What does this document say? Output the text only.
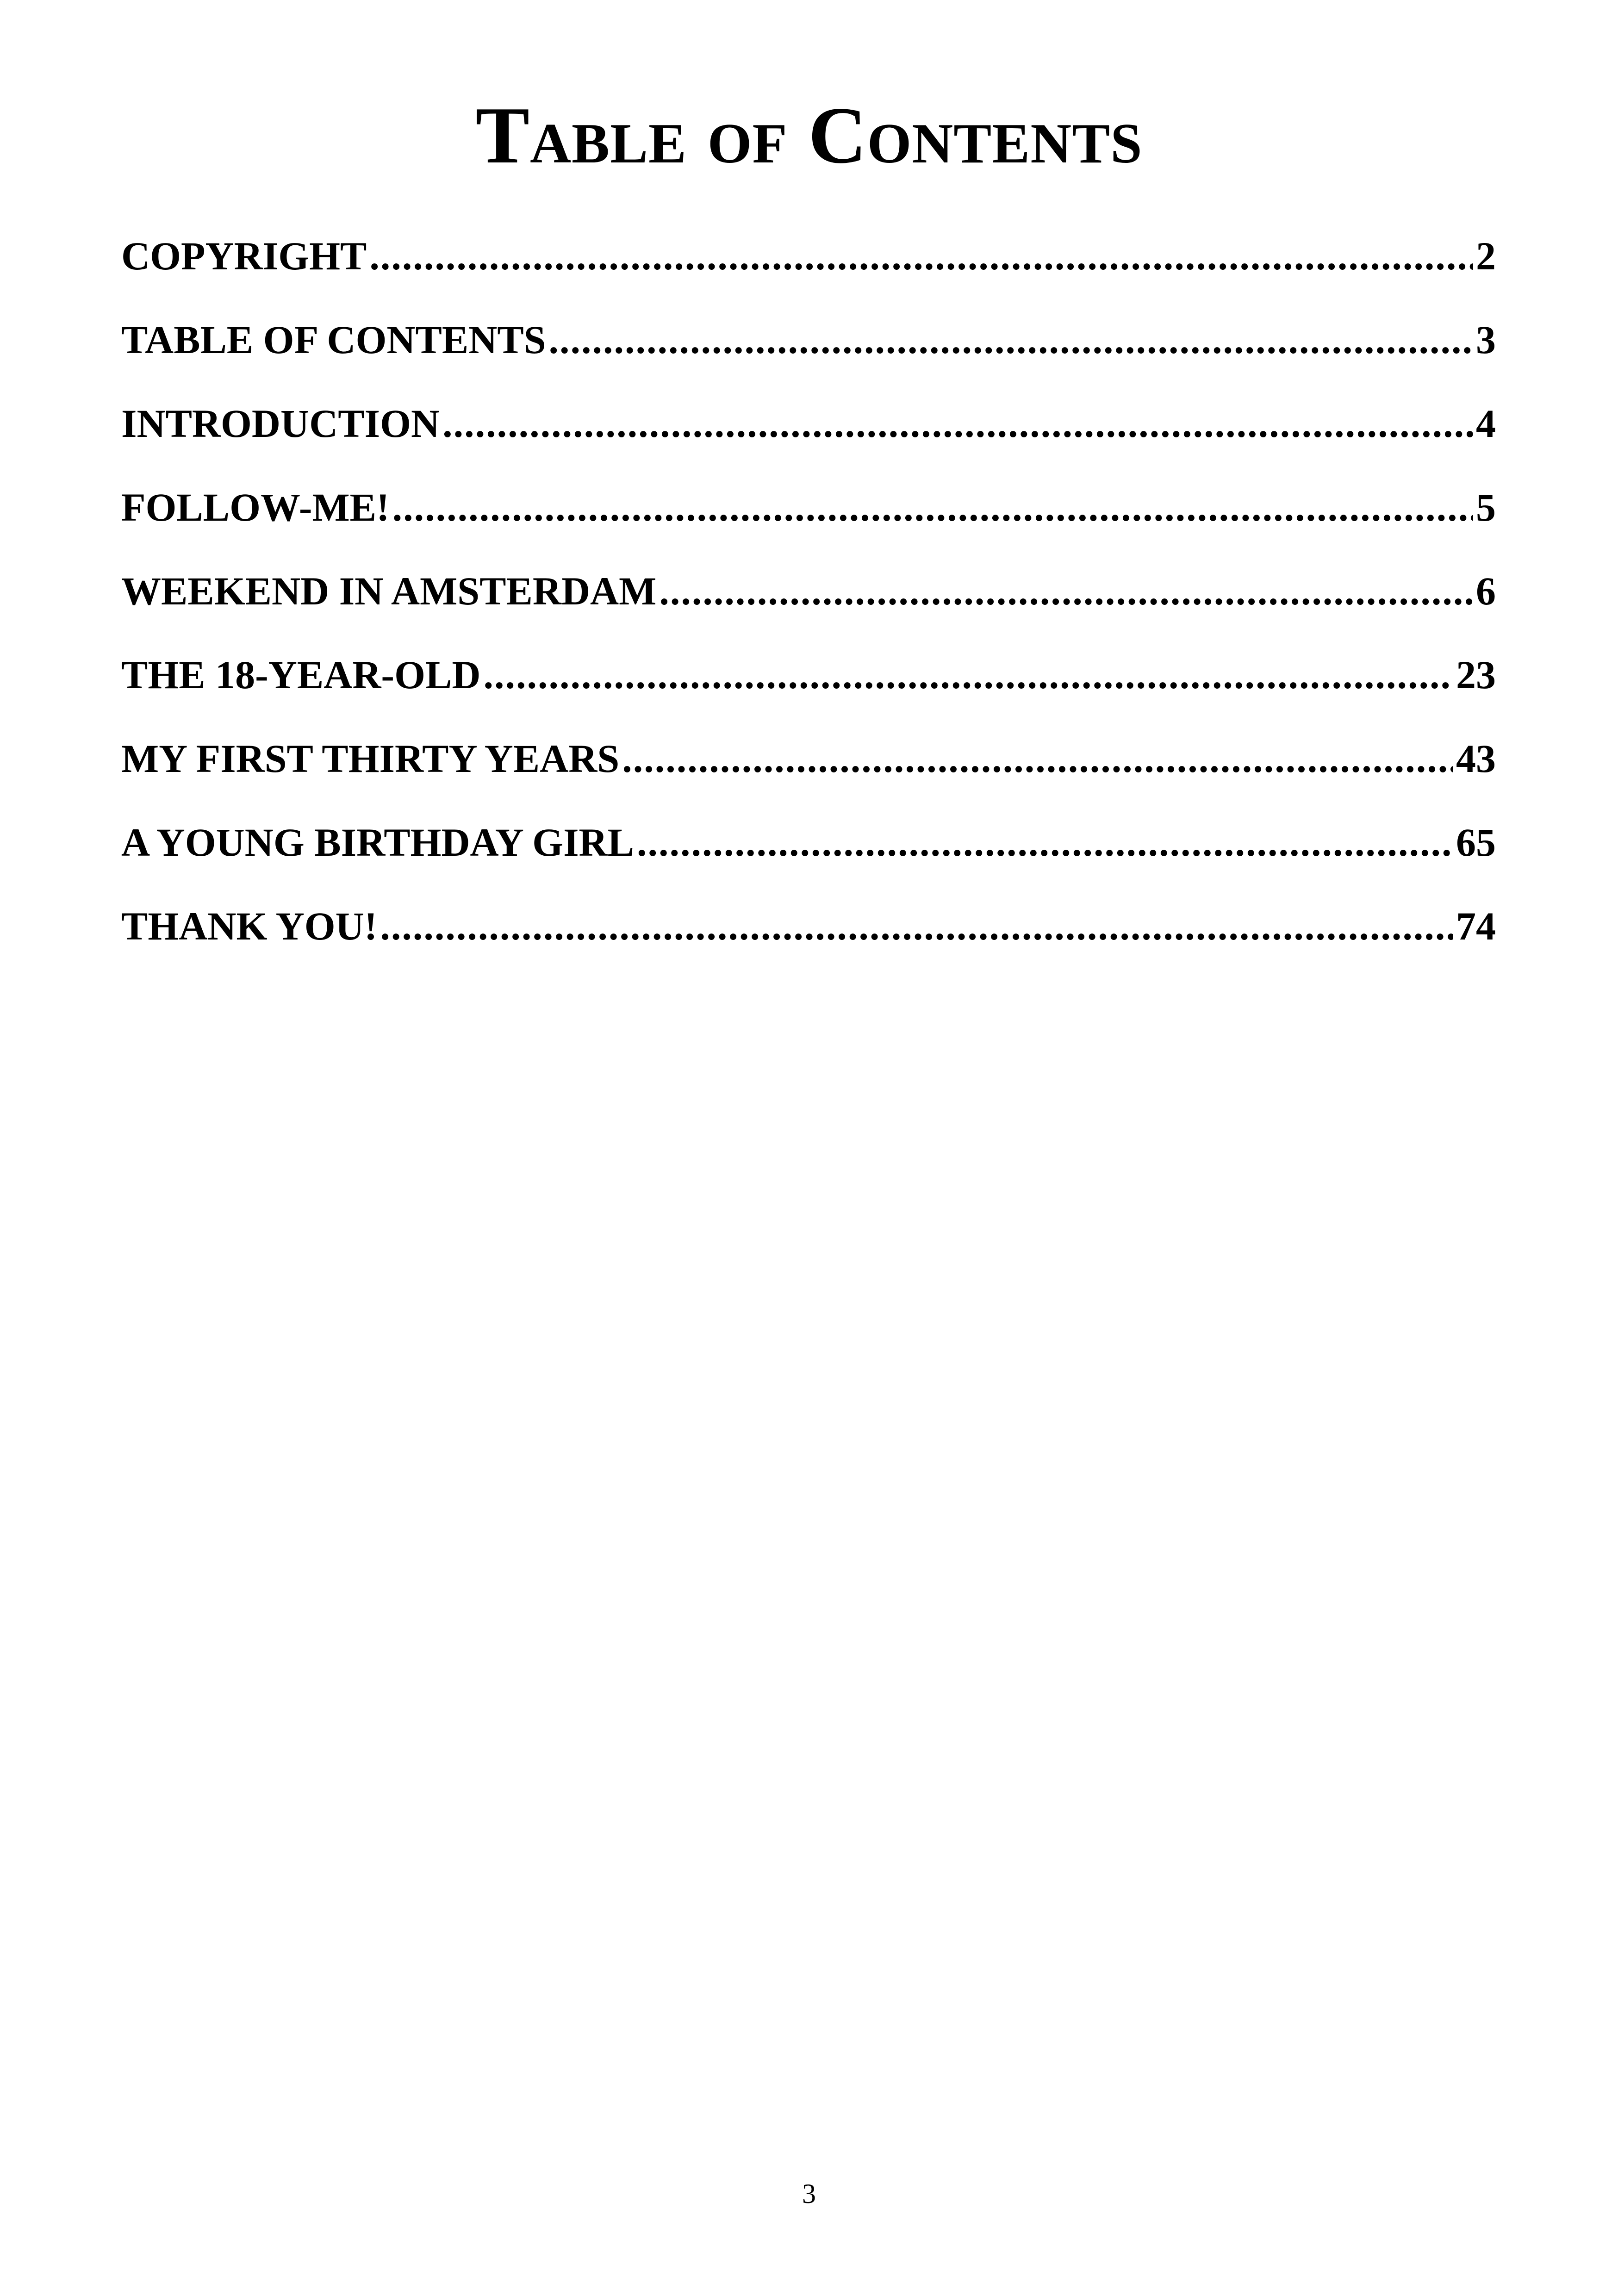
Table of Contents
COPYRIGHT .....	2
TABLE OF CONTENTS .....	3
INTRODUCTION .....	4
FOLLOW-ME! .....	5
WEEKEND IN AMSTERDAM .....	6
THE 18-YEAR-OLD .....	23
MY FIRST THIRTY YEARS .....	43
A YOUNG BIRTHDAY GIRL .....	65
THANK YOU! .....	74
3
